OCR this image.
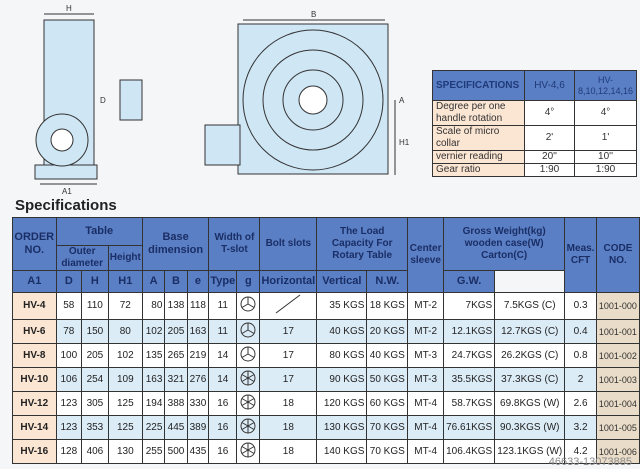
H
B
D	A
H1
A1
SPECIFICATIONS	HV-4,6	HV-8,10,12,14,16
Degree per one handle rotation	4°	4°
Scale of micro collar	2'	1'
vernier reading	20''	10''
Gear ratio	1:90	1:90
Specifications
ORDER NO.	Table			Base dimension			Width of T-slot		Bolt slots	The Load Capacity For Rotary Table		Center sleeve	Gross Weight(kg) wooden case(W) Carton(C)		Meas. CFT	CODE NO.
	Outer diameter		Height													
A1	D	H	H1	A	B	e	Type	g	Horizontal	Vertical	N.W.		G.W.			
HV-4	58	110	72	80	138	118	11			35 KGS	18 KGS	MT-2	7KGS	7.5KGS (C)	0.3	1001-000
HV-6	78	150	80	102	205	163	11		17	40 KGS	20 KGS	MT-2	12.1KGS	12.7KGS (C)	0.4	1001-001
HV-8	100	205	102	135	265	219	14		17	80 KGS	40 KGS	MT-3	24.7KGS	26.2KGS (C)	0.8	1001-002
HV-10	106	254	109	163	321	276	14		17	90 KGS	50 KGS	MT-3	35.5KGS	37.3KGS (C)	2	1001-003
HV-12	123	305	125	194	388	330	16		18	120 KGS	60 KGS	MT-4	58.7KGS	69.8KGS (W)	2.6	1001-004
HV-14	123	353	125	225	445	389	16		18	130 KGS	70 KGS	MT-4	76.61KGS	90.3KGS (W)	3.2	1001-005
HV-16	128	406	130	255	500	435	16		18	140 KGS	70 KGS	MT-4	106.4KGS	123.1KGS (W)	4.2	1001-006
46633-13073885
